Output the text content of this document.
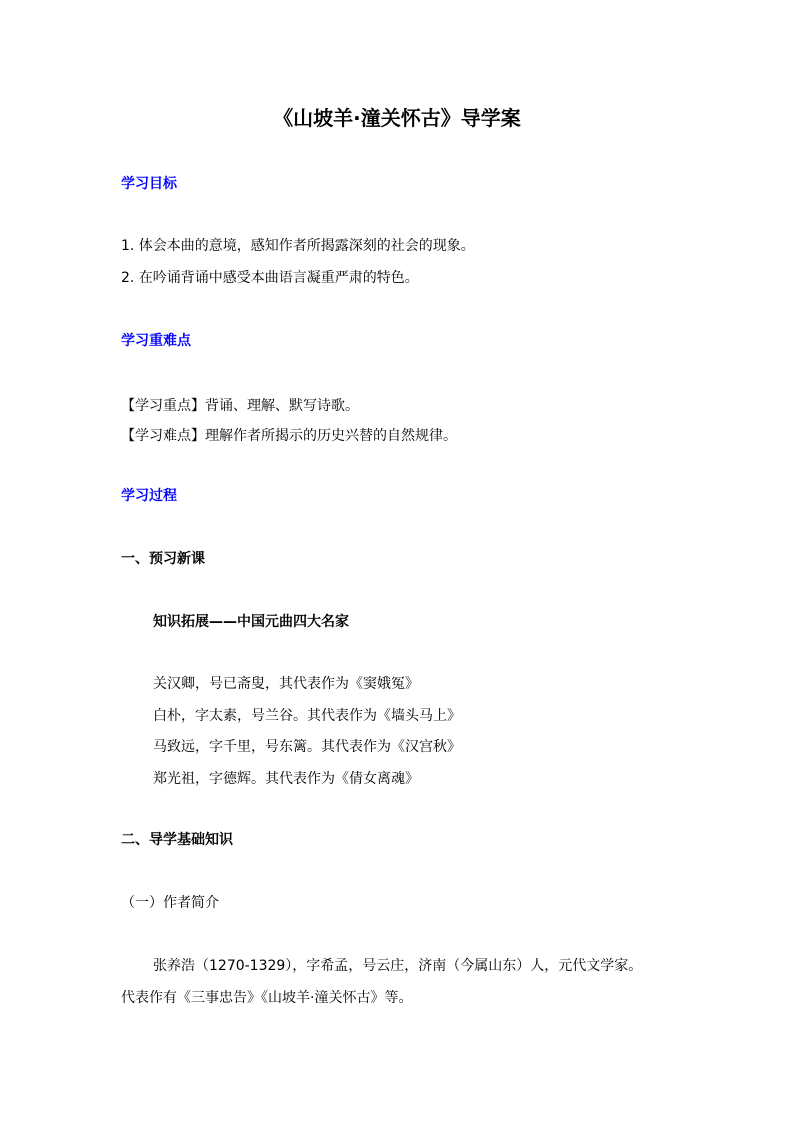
《山坡羊·潼关怀古》导学案
学习目标
1. 体会本曲的意境，感知作者所揭露深刻的社会的现象。
2. 在吟诵背诵中感受本曲语言凝重严肃的特色。
学习重难点
【学习重点】背诵、理解、默写诗歌。
【学习难点】理解作者所揭示的历史兴替的自然规律。
学习过程
一、预习新课
知识拓展——中国元曲四大名家
关汉卿，号已斋叟，其代表作为《窦娥冤》
白朴，字太素，号兰谷。其代表作为《墙头马上》
马致远，字千里，号东篱。其代表作为《汉宫秋》
郑光祖，字德辉。其代表作为《倩女离魂》
二、导学基础知识
（一）作者简介
张养浩（1270-1329），字希孟，号云庄，济南（今属山东）人，元代文学家。
代表作有《三事忠告》《山坡羊·潼关怀古》等。
